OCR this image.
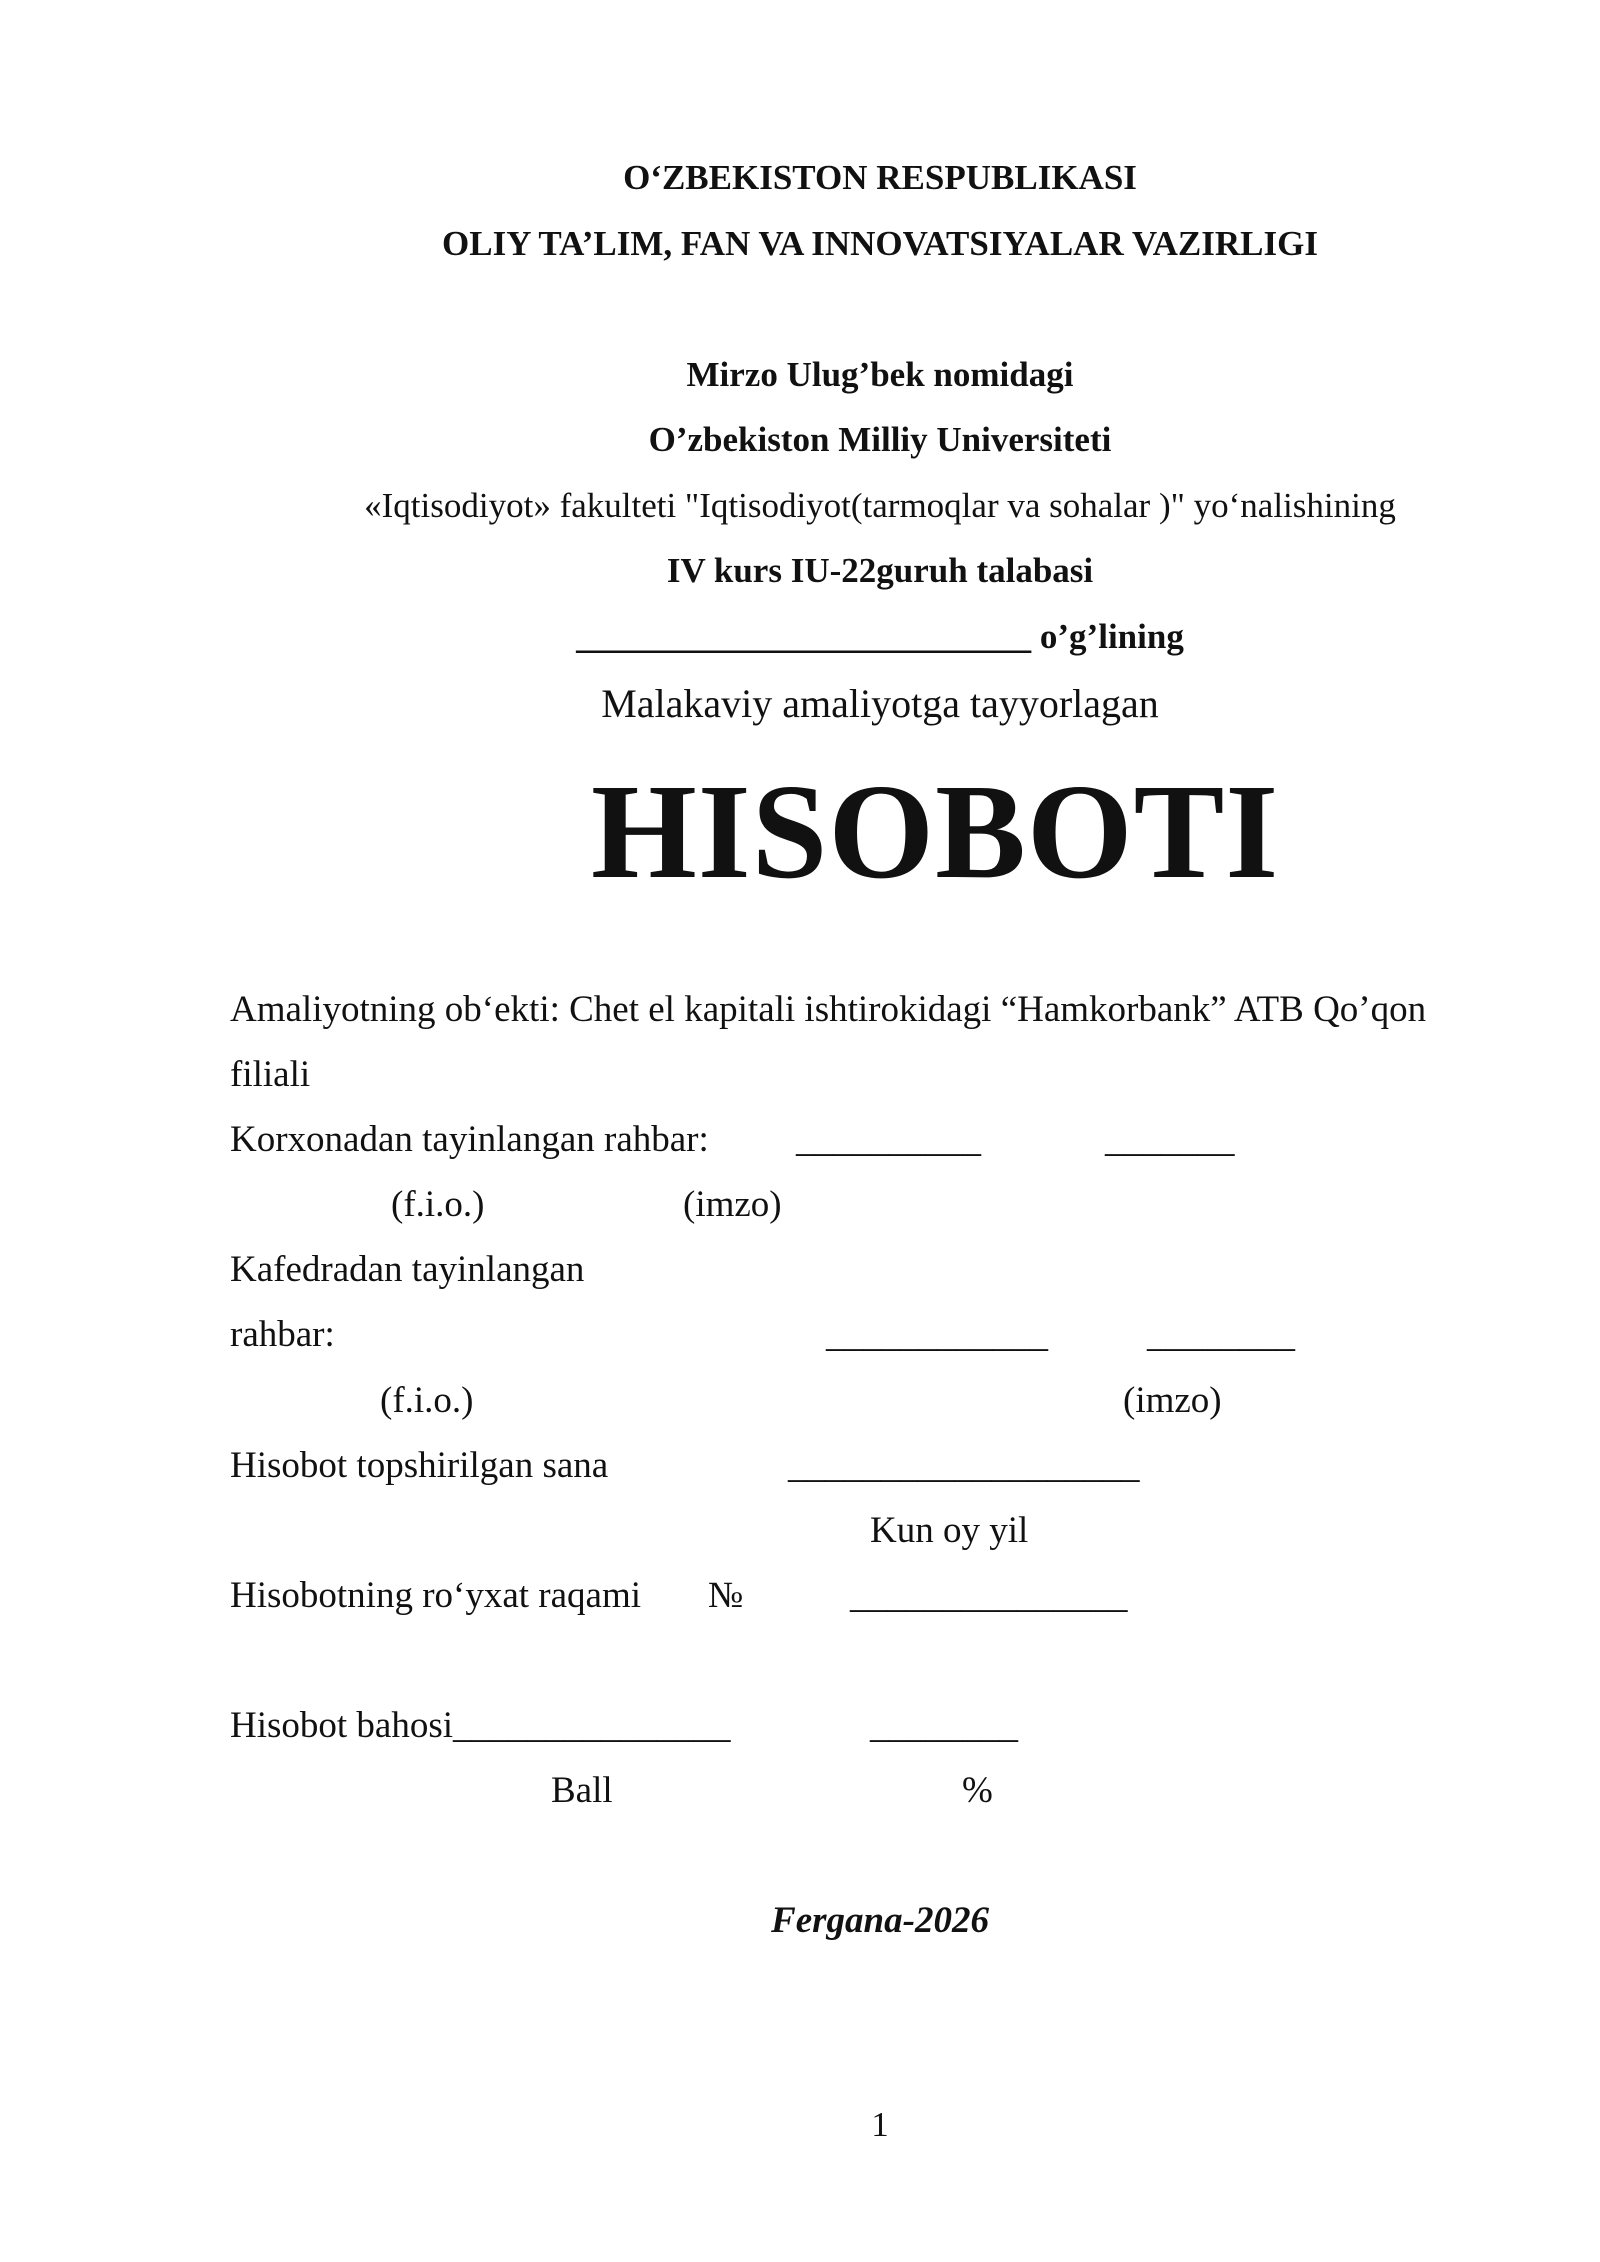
O‘ZBEKISTON RESPUBLIKASI
OLIY TA’LIM, FAN VA INNOVATSIYALAR VAZIRLIGI
Mirzo Ulug’bek nomidagi
O’zbekiston Milliy Universiteti
«Iqtisodiyot» fakulteti "Iqtisodiyot(tarmoqlar va sohalar )" yo‘nalishining
IV kurs IU-22guruh talabasi
__________________________ o’g’lining
Malakaviy amaliyotga tayyorlagan
HISOBOTI
Amaliyotning ob‘ekti: Chet el kapitali ishtirokidagi “Hamkorbank” ATB Qo’qon
filiali
Korxonadan tayinlangan rahbar: __________	_______
(f.i.o.)	(imzo)
Kafedradan tayinlangan
rahbar:	____________	________
(f.i.o.)	(imzo)
Hisobot topshirilgan sana	___________________
Kun oy yil
Hisobotning ro‘yxat raqami №	_______________
Hisobot bahosi_______________	________
Ball	%
Fergana-2026
1
